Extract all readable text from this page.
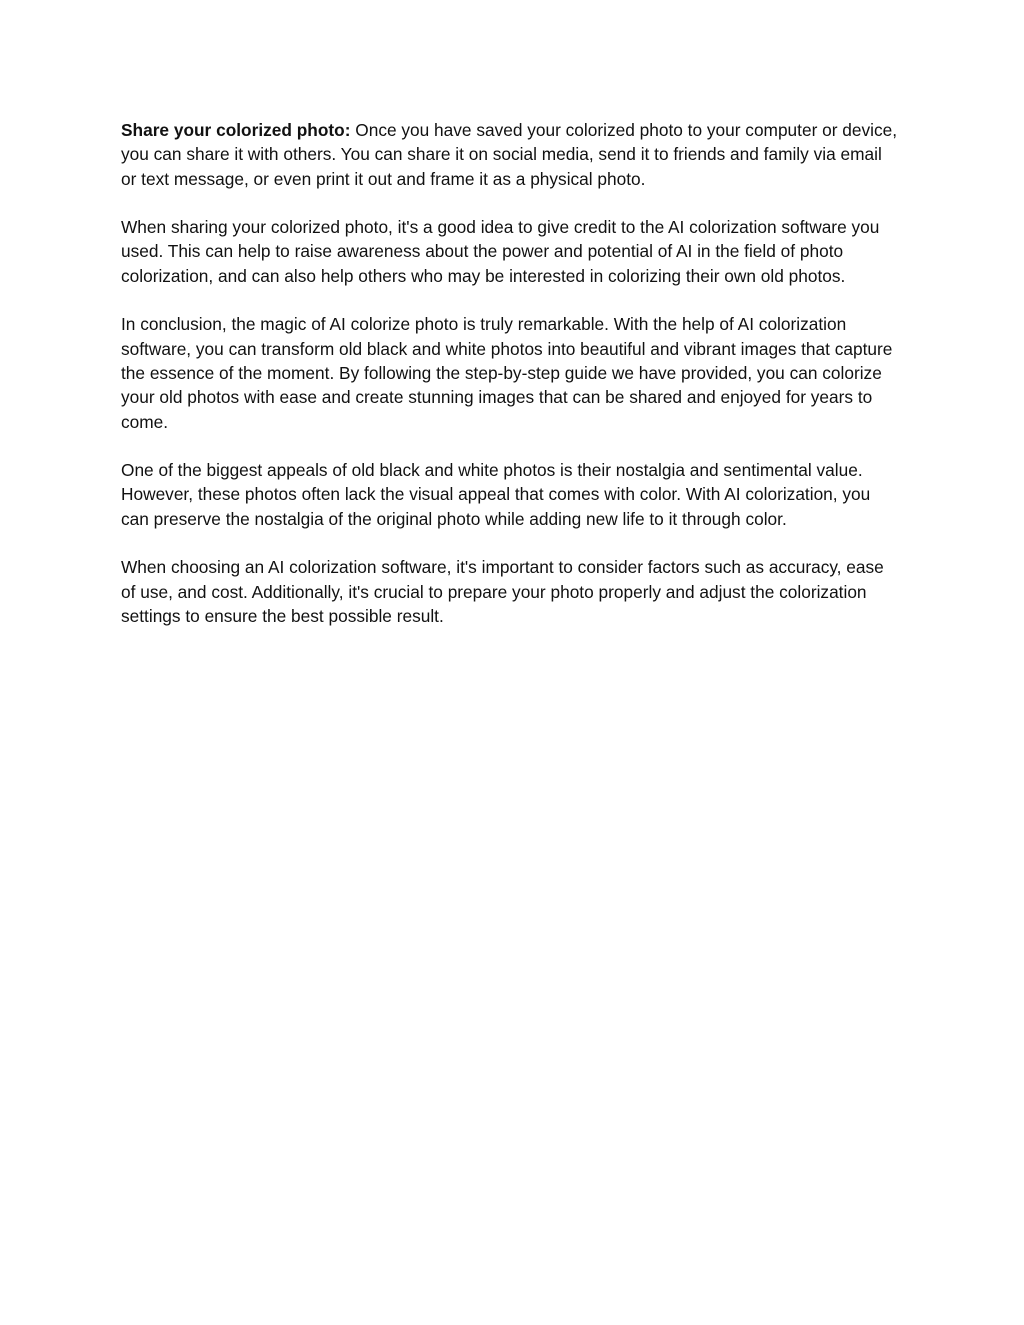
Share your colorized photo: Once you have saved your colorized photo to your computer or device, you can share it with others. You can share it on social media, send it to friends and family via email or text message, or even print it out and frame it as a physical photo.

When sharing your colorized photo, it's a good idea to give credit to the AI colorization software you used. This can help to raise awareness about the power and potential of AI in the field of photo colorization, and can also help others who may be interested in colorizing their own old photos.

In conclusion, the magic of AI colorize photo is truly remarkable. With the help of AI colorization software, you can transform old black and white photos into beautiful and vibrant images that capture the essence of the moment. By following the step-by-step guide we have provided, you can colorize your old photos with ease and create stunning images that can be shared and enjoyed for years to come.

One of the biggest appeals of old black and white photos is their nostalgia and sentimental value. However, these photos often lack the visual appeal that comes with color. With AI colorization, you can preserve the nostalgia of the original photo while adding new life to it through color.

When choosing an AI colorization software, it's important to consider factors such as accuracy, ease of use, and cost. Additionally, it's crucial to prepare your photo properly and adjust the colorization settings to ensure the best possible result.
